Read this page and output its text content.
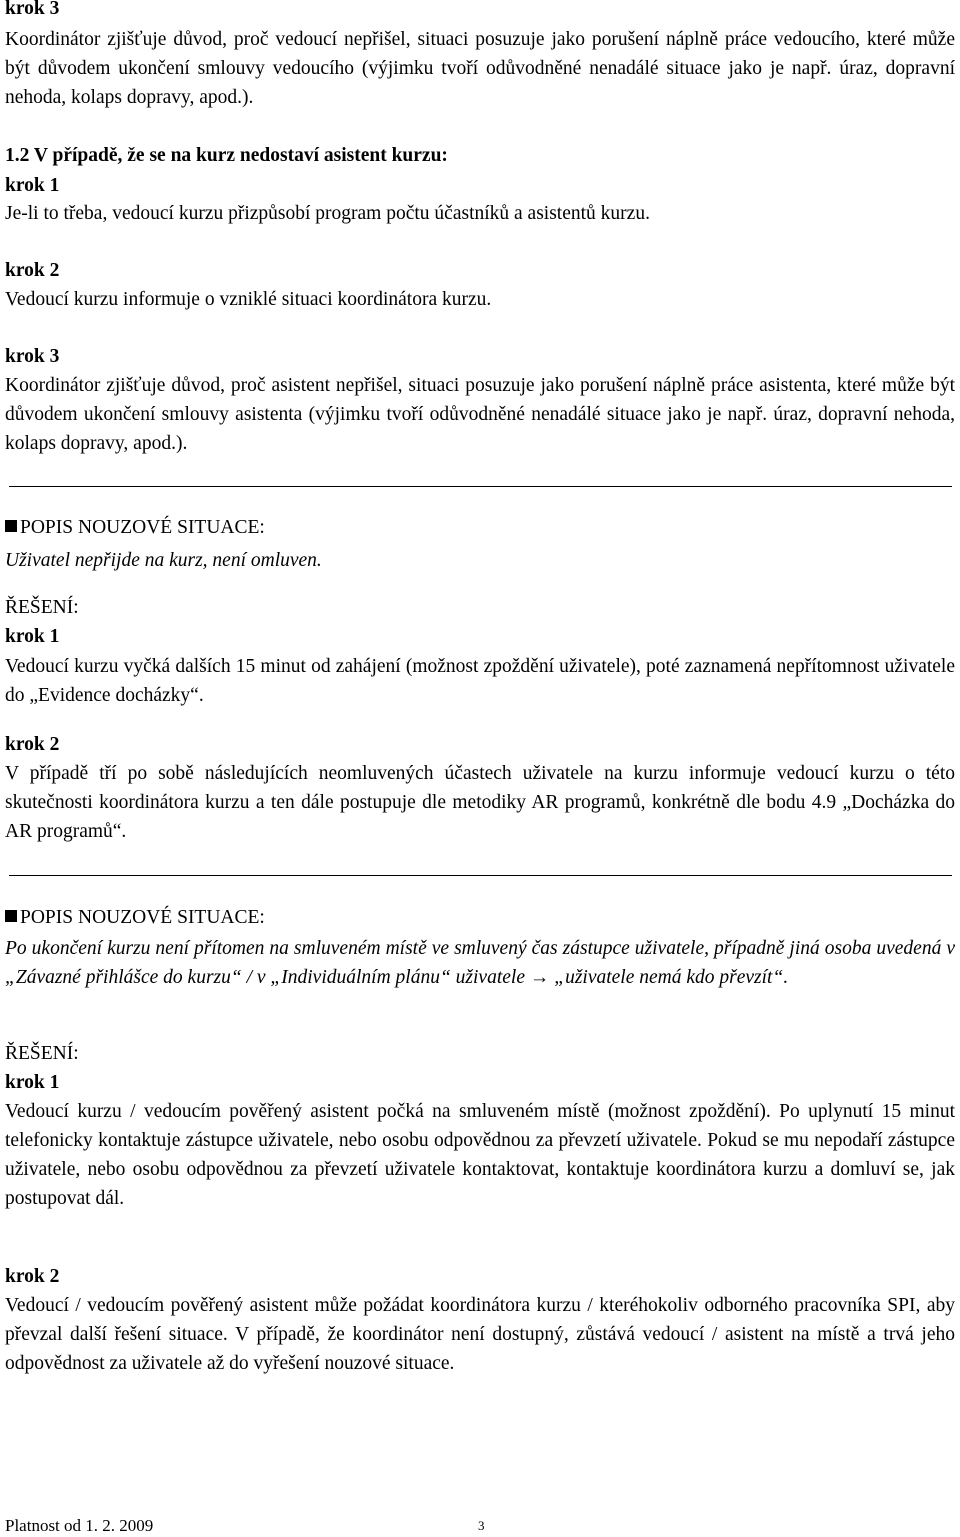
krok 3

Koordinátor zjišťuje důvod, proč vedoucí nepřišel, situaci posuzuje jako porušení náplně práce vedoucího, které může být důvodem ukončení smlouvy vedoucího (výjimku tvoří odůvodněné nenadálé situace jako je např. úraz, dopravní nehoda, kolaps dopravy, apod.).

1.2 V případě, že se na kurz nedostaví asistent kurzu:
krok 1

Je-li to třeba, vedoucí kurzu přizpůsobí program počtu účastníků a asistentů kurzu.

krok 2

Vedoucí kurzu informuje o vzniklé situaci koordinátora kurzu.

krok 3

Koordinátor zjišťuje důvod, proč asistent nepřišel, situaci posuzuje jako porušení náplně práce asistenta, které může být důvodem ukončení smlouvy asistenta (výjimku tvoří odůvodněné nenadálé situace jako je např. úraz, dopravní nehoda, kolaps dopravy, apod.).

POPIS NOUZOVÉ SITUACE:
Uživatel nepřijde na kurz, není omluven.
ŘEŠENÍ:
krok 1

Vedoucí kurzu vyčká dalších 15 minut od zahájení (možnost zpoždění uživatele), poté zaznamená nepřítomnost uživatele do „Evidence docházky“.

krok 2

V případě tří po sobě následujících neomluvených účastech uživatele na kurzu informuje vedoucí kurzu o této skutečnosti koordinátora kurzu a ten dále postupuje dle metodiky AR programů, konkrétně dle bodu 4.9 „Docházka do AR programů“.

POPIS NOUZOVÉ SITUACE:

Po ukončení kurzu není přítomen na smluveném místě ve smluvený čas zástupce uživatele, případně jiná osoba uvedená v „Závazné přihlášce do kurzu“ / v „Individuálním plánu“ uživatele → „uživatele nemá kdo převzít“.

ŘEŠENÍ:
krok 1

Vedoucí kurzu / vedoucím pověřený asistent počká na smluveném místě (možnost zpoždění). Po uplynutí 15 minut telefonicky kontaktuje zástupce uživatele, nebo osobu odpovědnou za převzetí uživatele. Pokud se mu nepodaří zástupce uživatele, nebo osobu odpovědnou za převzetí uživatele kontaktovat, kontaktuje koordinátora kurzu a domluví se, jak postupovat dál.

krok 2

Vedoucí / vedoucím pověřený asistent může požádat koordinátora kurzu / kteréhokoliv odborného pracovníka SPI, aby převzal další řešení situace. V případě, že koordinátor není dostupný, zůstává vedoucí / asistent na místě a trvá jeho odpovědnost za uživatele až do vyřešení nouzové situace.

Platnost od 1. 2. 2009	3
